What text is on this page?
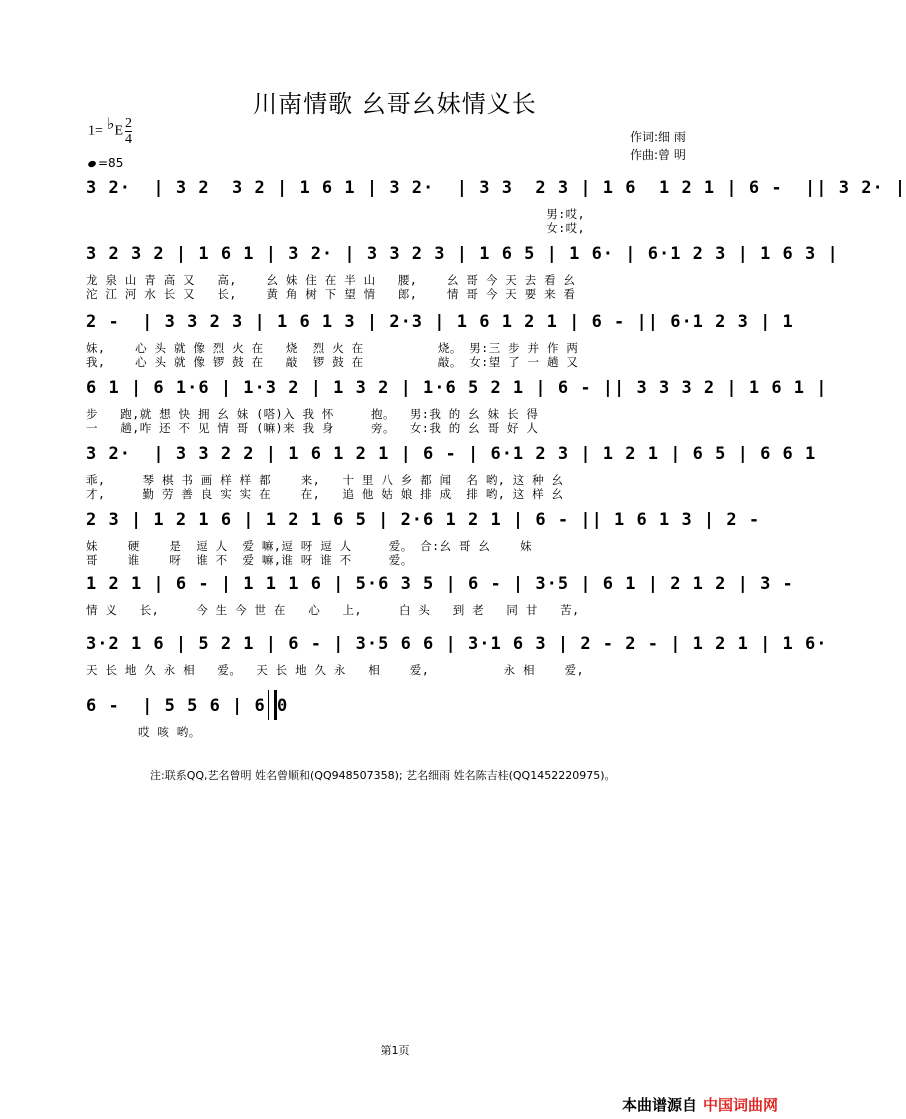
川南情歌 幺哥幺妹情义长
1= ♭E $\frac{2}{4}$
=85
作词:细 雨
作曲:曾 明
3 2·  | 3 2  3 2 | 1 6 1 | 3 2·  | 3 3  2 3 | 1 6  1 2 1 | 6 -  || 3 2· |
男:哎,
女:哎,
3 2 3 2 | 1 6 1 | 3 2· | 3 3 2 3 | 1 6 5 | 1 6· | 6·1 2 3 | 1 6 3 |
龙 泉 山 青 高 又   高,    幺 妹 住 在 半 山   腰,    幺 哥 今 天 去 看 幺
沱 江 河 水 长 又   长,    黄 角 树 下 望 情   郎,    情 哥 今 天 要 来 看
2 -  | 3 3 2 3 | 1 6 1 3 | 2·3 | 1 6 1 2 1 | 6 - || 6·1 2 3 | 1
妹,    心 头 就 像 烈 火 在   烧  烈 火 在          烧。 男:三 步 并 作 两
我,    心 头 就 像 锣 鼓 在   敲  锣 鼓 在          敲。 女:望 了 一 趟 又
6 1 | 6 1·6 | 1·3 2 | 1 3 2 | 1·6 5 2 1 | 6 - || 3 3 3 2 | 1 6 1 |
步   跑,就 想 快 拥 幺 妹 (嗒)入 我 怀     抱。  男:我 的 幺 妹 长 得
一   趟,咋 还 不 见 情 哥 (嘛)来 我 身     旁。  女:我 的 幺 哥 好 人
3 2·  | 3 3 2 2 | 1 6 1 2 1 | 6 - | 6·1 2 3 | 1 2 1 | 6 5 | 6 6 1
乖,     琴 棋 书 画 样 样 都    来,   十 里 八 乡 都 闻  名 哟, 这 种 幺
才,     勤 劳 善 良 实 实 在    在,   追 他 姑 娘 排 成  排 哟, 这 样 幺
2 3 | 1 2 1 6 | 1 2 1 6 5 | 2·6 1 2 1 | 6 - || 1 6 1 3 | 2 -
妹    硬    是  逗 人  爱 嘛,逗 呀 逗 人     爱。 合:幺 哥 幺    妹
哥    谁    呀  谁 不  爱 嘛,谁 呀 谁 不     爱。
1 2 1 | 6 - | 1 1 1 6 | 5·6 3 5 | 6 - | 3·5 | 6 1 | 2 1 2 | 3 -
情 义   长,     今 生 今 世 在   心   上,     白 头   到 老   同 甘   苦,
3·2 1 6 | 5 2 1 | 6 - | 3·5 6 6 | 3·1 6 3 | 2 - 2 - | 1 2 1 | 1 6·
天 长 地 久 永 相   爱。  天 长 地 久 永   相    爱,          永 相    爱,
6 -  | 5 5 6 | 6 0
哎 咳 哟。
注:联系QQ,艺名曾明 姓名曾顺和(QQ948507358); 艺名细雨 姓名陈吉桂(QQ1452220975)。
第1页
本曲谱源自 中国词曲网
